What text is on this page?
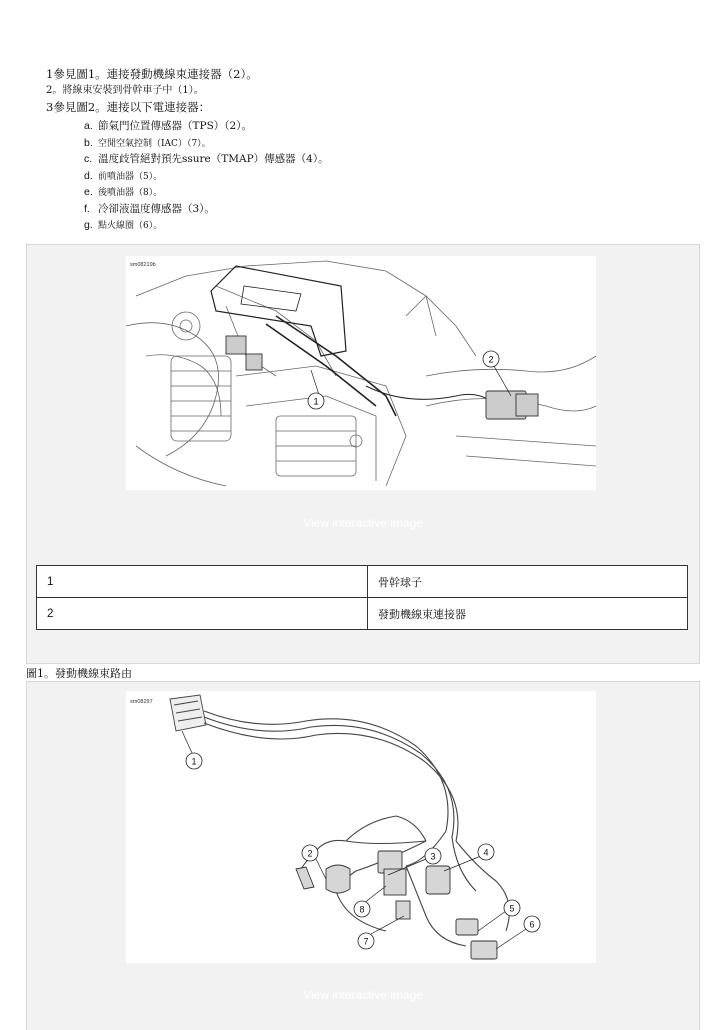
1參見圖1。連接發動機線束連接器（2）。
2。將線束安裝到骨幹車子中（1）。
3參見圖2。連接以下電連接器：
a. 節氣門位置傳感器（TPS）（2）。
b. 空閒空氣控制（IAC）（7）。
c. 溫度歧管絕對預先ssure（TMAP）傳感器（4）。
d. 前噴油器（5）。
e. 後噴油器（8）。
f. 冷卻液溫度傳感器（3）。
g. 點火線圈（6）。
sm08219b
1
2
View interactive image
1	骨幹球子
2	發動機線束連接器
圖1。發動機線束路由
sm08297
1
2	3	4
5
6
7
8
View interactive image
